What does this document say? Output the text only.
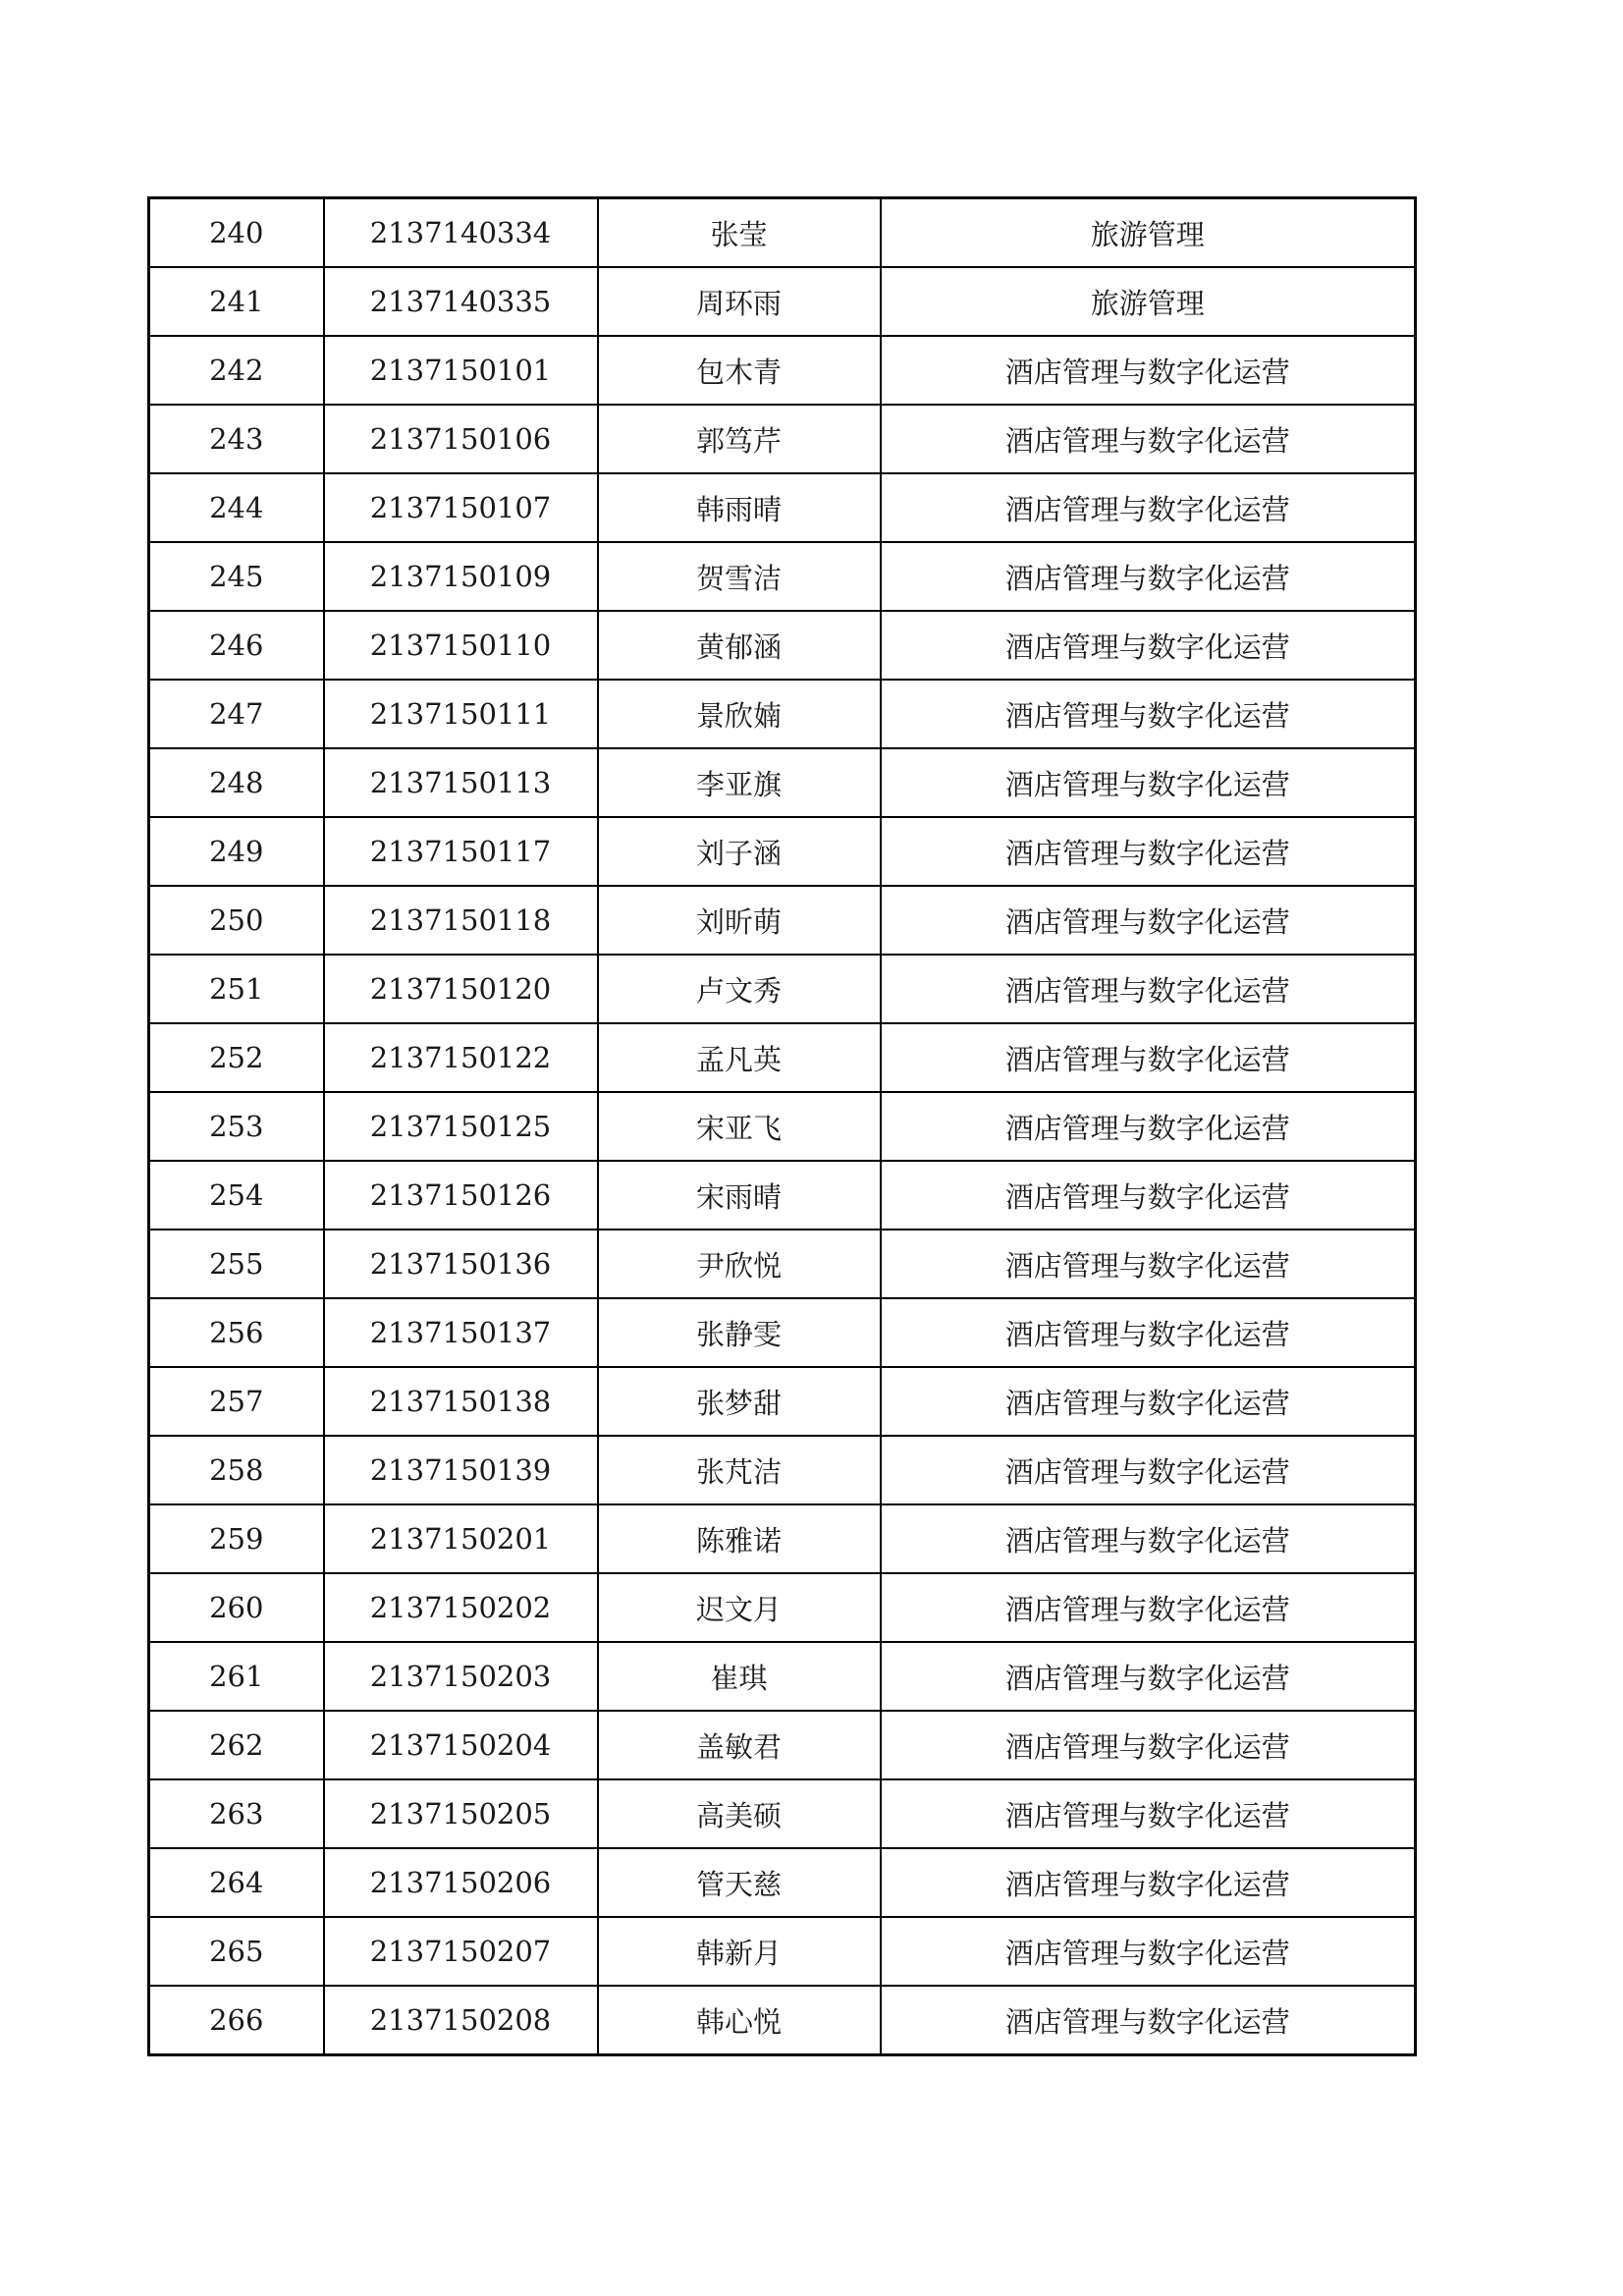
240	2137140334	张莹	旅游管理
241	2137140335	周环雨	旅游管理
242	2137150101	包木青	酒店管理与数字化运营
243	2137150106	郭笃芹	酒店管理与数字化运营
244	2137150107	韩雨晴	酒店管理与数字化运营
245	2137150109	贺雪洁	酒店管理与数字化运营
246	2137150110	黄郁涵	酒店管理与数字化运营
247	2137150111	景欣婻	酒店管理与数字化运营
248	2137150113	李亚旗	酒店管理与数字化运营
249	2137150117	刘子涵	酒店管理与数字化运营
250	2137150118	刘昕萌	酒店管理与数字化运营
251	2137150120	卢文秀	酒店管理与数字化运营
252	2137150122	孟凡英	酒店管理与数字化运营
253	2137150125	宋亚飞	酒店管理与数字化运营
254	2137150126	宋雨晴	酒店管理与数字化运营
255	2137150136	尹欣悦	酒店管理与数字化运营
256	2137150137	张静雯	酒店管理与数字化运营
257	2137150138	张梦甜	酒店管理与数字化运营
258	2137150139	张芃洁	酒店管理与数字化运营
259	2137150201	陈雅诺	酒店管理与数字化运营
260	2137150202	迟文月	酒店管理与数字化运营
261	2137150203	崔琪	酒店管理与数字化运营
262	2137150204	盖敏君	酒店管理与数字化运营
263	2137150205	高美硕	酒店管理与数字化运营
264	2137150206	管天慈	酒店管理与数字化运营
265	2137150207	韩新月	酒店管理与数字化运营
266	2137150208	韩心悦	酒店管理与数字化运营
